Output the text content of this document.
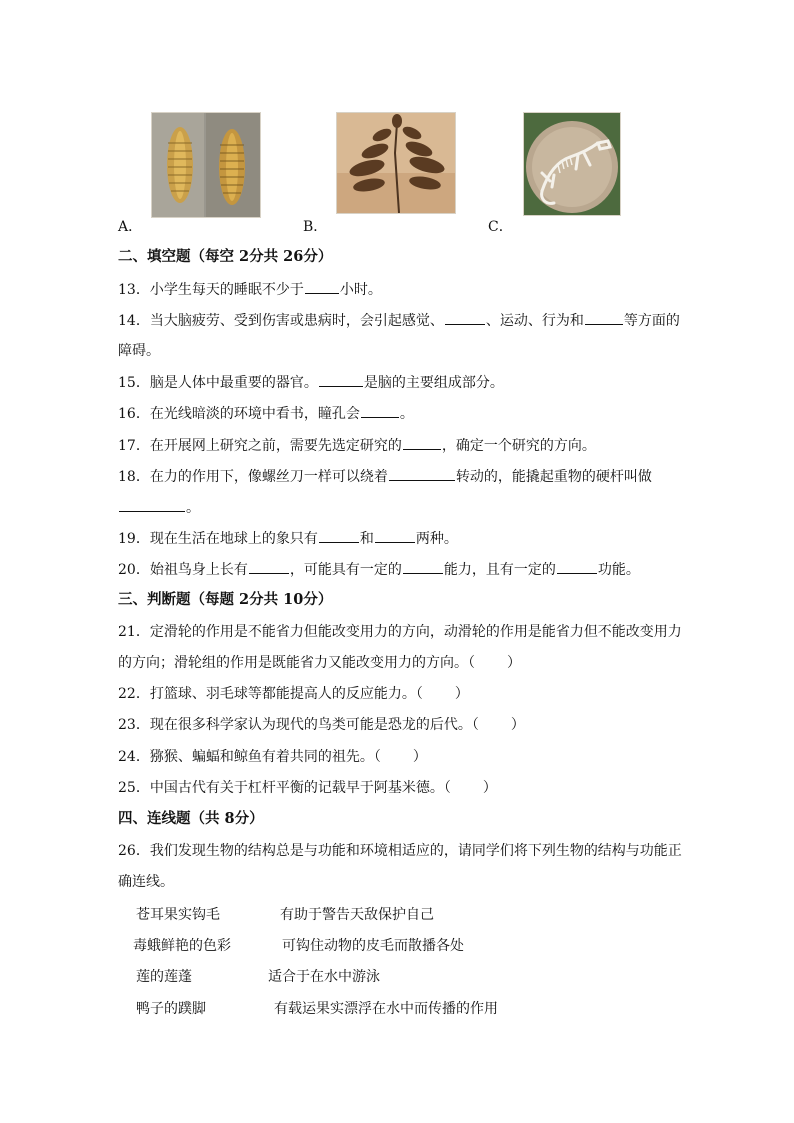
A．	B．	C．
二、填空题（每空 2分共 26分）
13．小学生每天的睡眠不少于	小时。
14．当大脑疲劳、受到伤害或患病时，会引起感觉、	、运动、行为和	等方面的
障碍。
15．脑是人体中最重要的器官。	是脑的主要组成部分。
16．在光线暗淡的环境中看书，瞳孔会	。
17．在开展网上研究之前，需要先选定研究的	，确定一个研究的方向。
18．在力的作用下，像螺丝刀一样可以绕着	转动的，能撬起重物的硬杆叫做
。
19．现在生活在地球上的象只有	和	两种。
20．始祖鸟身上长有	，可能具有一定的	能力，且有一定的	功能。
三、判断题（每题 2分共 10分）
21．定滑轮的作用是不能省力但能改变用力的方向，动滑轮的作用是能省力但不能改变用力
的方向；滑轮组的作用是既能省力又能改变用力的方向。（ ）
22．打篮球、羽毛球等都能提高人的反应能力。（ ）
23．现在很多科学家认为现代的鸟类可能是恐龙的后代。（ ）
24．猕猴、蝙蝠和鲸鱼有着共同的祖先。（ ）
25．中国古代有关于杠杆平衡的记载早于阿基米德。（ ）
四、连线题（共 8分）
26．我们发现生物的结构总是与功能和环境相适应的，请同学们将下列生物的结构与功能正
确连线。
苍耳果实钩毛	有助于警告天敌保护自己
毒蛾鲜艳的色彩	可钩住动物的皮毛而散播各处
莲的莲蓬	适合于在水中游泳
鸭子的蹼脚	有载运果实漂浮在水中而传播的作用
